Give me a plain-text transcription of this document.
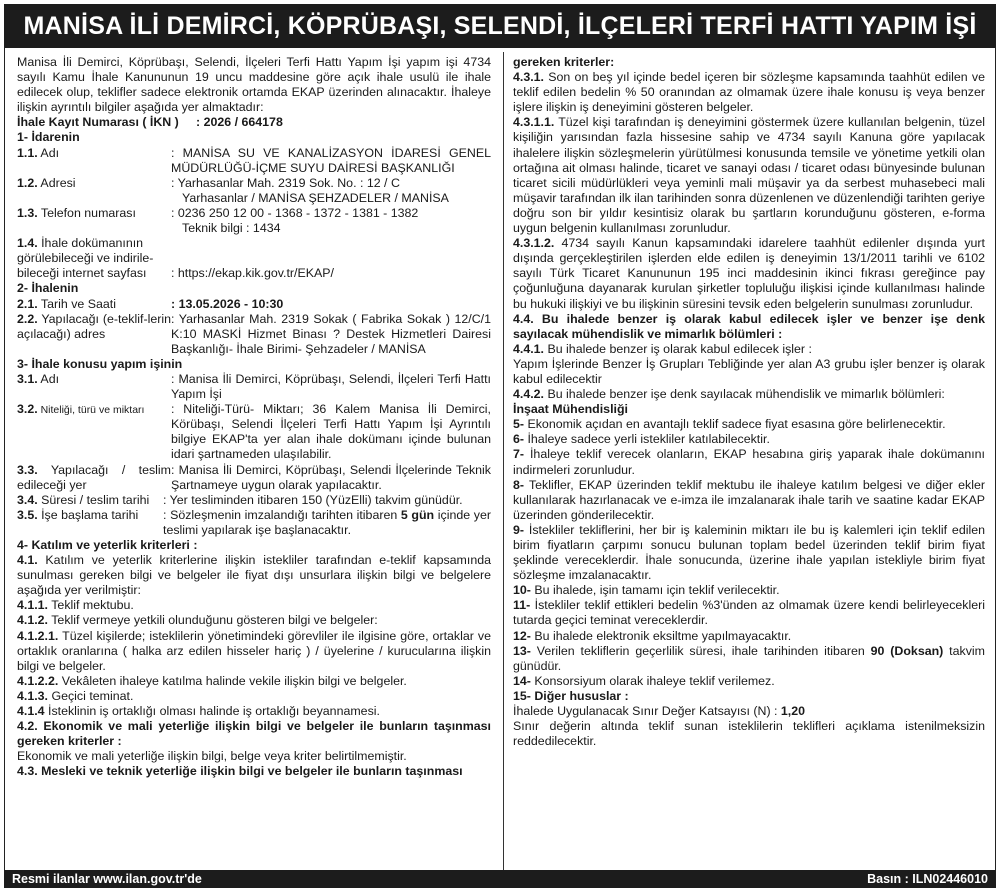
MANİSA İLİ DEMİRCİ, KÖPRÜBAŞI, SELENDİ, İLÇELERİ TERFİ HATTI YAPIM İŞİ

Manisa İli Demirci, Köprübaşı, Selendi, İlçeleri Terfi Hattı Yapım İşi yapım işi 4734 sayılı Kamu İhale Kanununun 19 uncu maddesine göre açık ihale usulü ile ihale edilecek olup, teklifler sadece elektronik ortamda EKAP üzerinden alınacaktır. İhaleye ilişkin ayrıntılı bilgiler aşağıda yer almaktadır:

İhale Kayıt Numarası ( İKN )     : 2026 / 664178

1- İdarenin

1.1. Adı	: MANİSA SU VE KANALİZASYON İDARESİ GENEL MÜDÜRLÜĞÜ-İÇME SUYU DAİRESİ BAŞKANLIĞI
1.2. Adresi	: Yarhasanlar Mah. 2319 Sok. No. : 12 / C
Yarhasanlar / MANİSA ŞEHZADELER / MANİSA
1.3. Telefon numarası	: 0236 250 12 00 - 1368 - 1372 - 1381 - 1382
Teknik bilgi : 1434
1.4. İhale dokümanının
görülebileceği ve indirile-
bileceği internet sayfası	: https://ekap.kik.gov.tr/EKAP/

2- İhalenin

2.1. Tarih ve Saati	: 13.05.2026 - 10:30
2.2. Yapılacağı (e-teklif-lerin açılacağı) adres
: Yarhasanlar Mah. 2319 Sokak ( Fabrika Sokak ) 12/C/1 K:10 MASKİ Hizmet Binası ? Destek Hizmetleri Dairesi Başkanlığı- İhale Birimi- Şehzadeler / MANİSA

3- İhale konusu yapım işinin

3.1. Adı	: Manisa İli Demirci, Köprübaşı, Selendi, İlçeleri Terfi Hattı Yapım İşi
3.2. Niteliği, türü ve miktarı	: Niteliği-Türü- Miktarı; 36 Kalem Manisa İli Demirci, Körübaşı, Selendi İlçeleri Terfi Hattı Yapım İşi Ayrıntılı bilgiye EKAP'ta yer alan ihale dokümanı içinde bulunan idari şartnameden ulaşılabilir.
3.3. Yapılacağı / teslim edileceği yer
: Manisa İli Demirci, Köprübaşı, Selendi İlçelerinde Teknik Şartnameye uygun olarak yapılacaktır.
3.4. Süresi / teslim tarihi	: Yer tesliminden itibaren 150 (YüzElli) takvim günüdür.
3.5. İşe başlama tarihi	: Sözleşmenin imzalandığı tarihten itibaren 5 gün içinde yer teslimi yapılarak işe başlanacaktır.

4- Katılım ve yeterlik kriterleri :

4.1. Katılım ve yeterlik kriterlerine ilişkin istekliler tarafından e-teklif kapsamında sunulması gereken bilgi ve belgeler ile fiyat dışı unsurlara ilişkin bilgi ve belgelere aşağıda yer verilmiştir:

4.1.1. Teklif mektubu.

4.1.2. Teklif vermeye yetkili olunduğunu gösteren bilgi ve belgeler:

4.1.2.1. Tüzel kişilerde; isteklilerin yönetimindeki görevliler ile ilgisine göre, ortaklar ve ortaklık oranlarına ( halka arz edilen hisseler hariç ) / üyelerine / kurucularına ilişkin bilgi ve belgeler.

4.1.2.2. Vekâleten ihaleye katılma halinde vekile ilişkin bilgi ve belgeler.

4.1.3. Geçici teminat.

4.1.4 İsteklinin iş ortaklığı olması halinde iş ortaklığı beyannamesi.

4.2. Ekonomik ve mali yeterliğe ilişkin bilgi ve belgeler ile bunların taşınması gereken kriterler :

Ekonomik ve mali yeterliğe ilişkin bilgi, belge veya kriter belirtilmemiştir.

4.3. Mesleki ve teknik yeterliğe ilişkin bilgi ve belgeler ile bunların taşınması

gereken kriterler:

4.3.1. Son on beş yıl içinde bedel içeren bir sözleşme kapsamında taahhüt edilen ve teklif edilen bedelin % 50 oranından az olmamak üzere ihale konusu iş veya benzer işlere ilişkin iş deneyimini gösteren belgeler.

4.3.1.1. Tüzel kişi tarafından iş deneyimini göstermek üzere kullanılan belgenin, tüzel kişiliğin yarısından fazla hissesine sahip ve 4734 sayılı Kanuna göre yapılacak ihalelere ilişkin sözleşmelerin yürütülmesi konusunda temsile ve yönetime yetkili olan ortağına ait olması halinde, ticaret ve sanayi odası / ticaret odası bünyesinde bulunan ticaret sicili müdürlükleri veya yeminli mali müşavir ya da serbest muhasebeci mali müşavir tarafından ilk ilan tarihinden sonra düzenlenen ve düzenlendiği tarihten geriye doğru son bir yıldır kesintisiz olarak bu şartların korunduğunu gösteren, e-forma uygun belgenin kullanılması zorunludur.

4.3.1.2. 4734 sayılı Kanun kapsamındaki idarelere taahhüt edilenler dışında yurt dışında gerçekleştirilen işlerden elde edilen iş deneyimin 13/1/2011 tarihli ve 6102 sayılı Türk Ticaret Kanununun 195 inci maddesinin ikinci fıkrası gereğince pay çoğunluğuna dayanarak kurulan şirketler topluluğu ilişkisi içinde kullanılması halinde bu hukuki ilişkiyi ve bu ilişkinin süresini tevsik eden belgelerin sunulması zorunludur.

4.4. Bu ihalede benzer iş olarak kabul edilecek işler ve benzer işe denk sayılacak mühendislik ve mimarlık bölümleri :

4.4.1. Bu ihalede benzer iş olarak kabul edilecek işler :

Yapım İşlerinde Benzer İş Grupları Tebliğinde yer alan A3 grubu işler benzer iş olarak kabul edilecektir

4.4.2. Bu ihalede benzer işe denk sayılacak mühendislik ve mimarlık bölümleri:

İnşaat Mühendisliği

5- Ekonomik açıdan en avantajlı teklif sadece fiyat esasına göre belirlenecektir.

6- İhaleye sadece yerli istekliler katılabilecektir.

7- İhaleye teklif verecek olanların, EKAP hesabına giriş yaparak ihale dokümanını indirmeleri zorunludur.

8- Teklifler, EKAP üzerinden teklif mektubu ile ihaleye katılım belgesi ve diğer ekler kullanılarak hazırlanacak ve e-imza ile imzalanarak ihale tarih ve saatine kadar EKAP üzerinden gönderilecektir.

9- İstekliler tekliflerini, her bir iş kaleminin miktarı ile bu iş kalemleri için teklif edilen birim fiyatların çarpımı sonucu bulunan toplam bedel üzerinden teklif birim fiyat şeklinde vereceklerdir. İhale sonucunda, üzerine ihale yapılan istekliyle birim fiyat sözleşme imzalanacaktır.

10- Bu ihalede, işin tamamı için teklif verilecektir.

11- İstekliler teklif ettikleri bedelin %3'ünden az olmamak üzere kendi belirleyecekleri tutarda geçici teminat vereceklerdir.

12- Bu ihalede elektronik eksiltme yapılmayacaktır.

13- Verilen tekliflerin geçerlilik süresi, ihale tarihinden itibaren 90 (Doksan) takvim günüdür.

14- Konsorsiyum olarak ihaleye teklif verilemez.

15- Diğer hususlar :

İhalede Uygulanacak Sınır Değer Katsayısı (N) : 1,20

Sınır değerin altında teklif sunan isteklilerin teklifleri açıklama istenilmeksizin reddedilecektir.

Resmi ilanlar www.ilan.gov.tr'de	Basın : ILN02446010
